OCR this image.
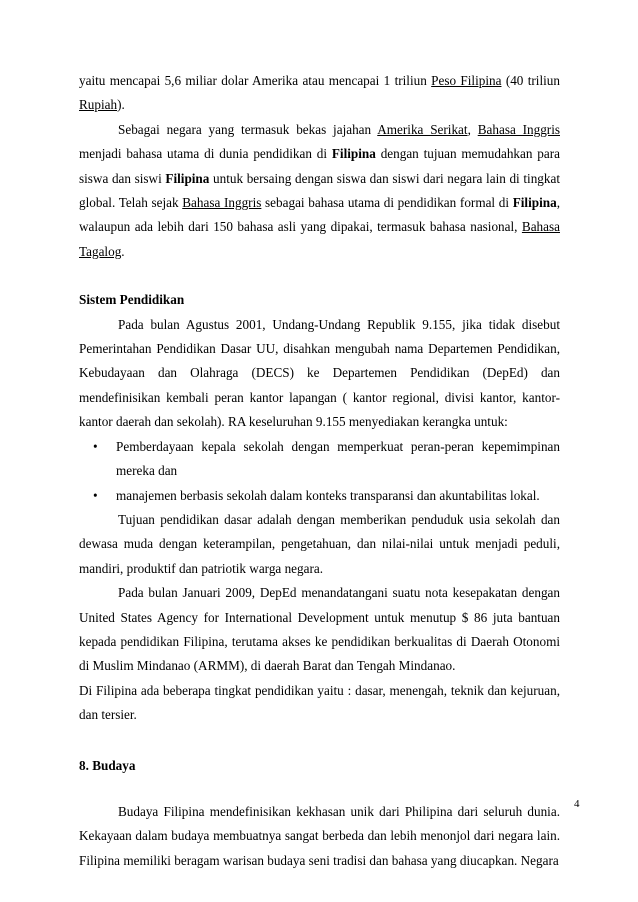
yaitu mencapai 5,6 miliar dolar Amerika atau mencapai 1 triliun Peso Filipina (40 triliun Rupiah).

Sebagai negara yang termasuk bekas jajahan Amerika Serikat, Bahasa Inggris menjadi bahasa utama di dunia pendidikan di Filipina dengan tujuan memudahkan para siswa dan siswi Filipina untuk bersaing dengan siswa dan siswi dari negara lain di tingkat global. Telah sejak Bahasa Inggris sebagai bahasa utama di pendidikan formal di Filipina, walaupun ada lebih dari 150 bahasa asli yang dipakai, termasuk bahasa nasional, Bahasa Tagalog.

Sistem Pendidikan

Pada bulan Agustus 2001, Undang-Undang Republik 9.155, jika tidak disebut Pemerintahan Pendidikan Dasar UU, disahkan mengubah nama Departemen Pendidikan, Kebudayaan dan Olahraga (DECS) ke Departemen Pendidikan (DepEd) dan mendefinisikan kembali peran kantor lapangan ( kantor regional, divisi kantor, kantor-kantor daerah dan sekolah). RA keseluruhan 9.155 menyediakan kerangka untuk:

• Pemberdayaan kepala sekolah dengan memperkuat peran-peran kepemimpinan mereka dan
• manajemen berbasis sekolah dalam konteks transparansi dan akuntabilitas lokal.

Tujuan pendidikan dasar adalah dengan memberikan penduduk usia sekolah dan dewasa muda dengan keterampilan, pengetahuan, dan nilai-nilai untuk menjadi peduli, mandiri, produktif dan patriotik warga negara.

Pada bulan Januari 2009, DepEd menandatangani suatu nota kesepakatan dengan United States Agency for International Development untuk menutup $ 86 juta bantuan kepada pendidikan Filipina, terutama akses ke pendidikan berkualitas di Daerah Otonomi di Muslim Mindanao (ARMM), di daerah Barat dan Tengah Mindanao.

Di Filipina ada beberapa tingkat pendidikan yaitu : dasar, menengah, teknik dan kejuruan, dan tersier.

8. Budaya

Budaya Filipina mendefinisikan kekhasan unik dari Philipina dari seluruh dunia. Kekayaan dalam budaya membuatnya sangat berbeda dan lebih menonjol dari negara lain. Filipina memiliki beragam warisan budaya seni tradisi dan bahasa yang diucapkan. Negara

4
